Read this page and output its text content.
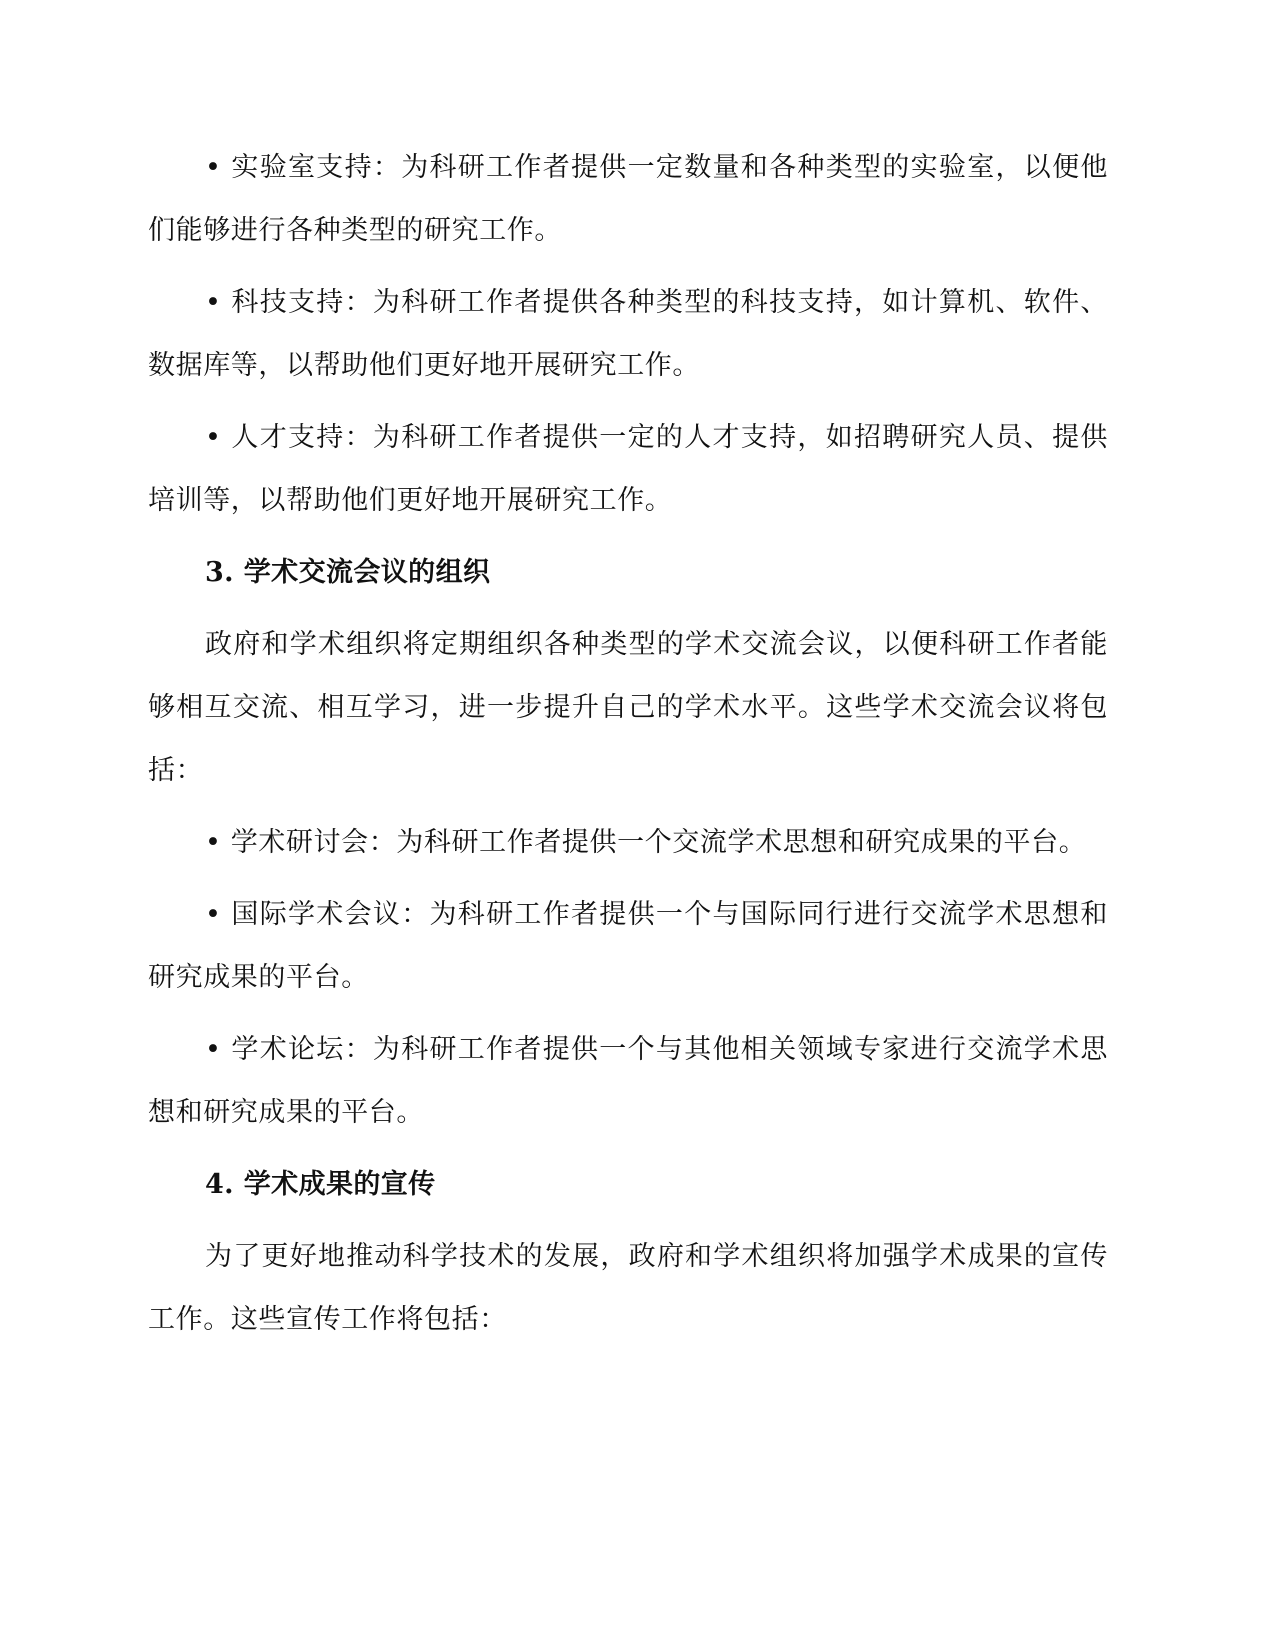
• 实验室支持：为科研工作者提供一定数量和各种类型的实验室，以便他们能够进行各种类型的研究工作。

• 科技支持：为科研工作者提供各种类型的科技支持，如计算机、软件、数据库等，以帮助他们更好地开展研究工作。

• 人才支持：为科研工作者提供一定的人才支持，如招聘研究人员、提供培训等，以帮助他们更好地开展研究工作。

3. 学术交流会议的组织

政府和学术组织将定期组织各种类型的学术交流会议，以便科研工作者能够相互交流、相互学习，进一步提升自己的学术水平。这些学术交流会议将包括：

• 学术研讨会：为科研工作者提供一个交流学术思想和研究成果的平台。

• 国际学术会议：为科研工作者提供一个与国际同行进行交流学术思想和研究成果的平台。

• 学术论坛：为科研工作者提供一个与其他相关领域专家进行交流学术思想和研究成果的平台。

4. 学术成果的宣传

为了更好地推动科学技术的发展，政府和学术组织将加强学术成果的宣传工作。这些宣传工作将包括：
